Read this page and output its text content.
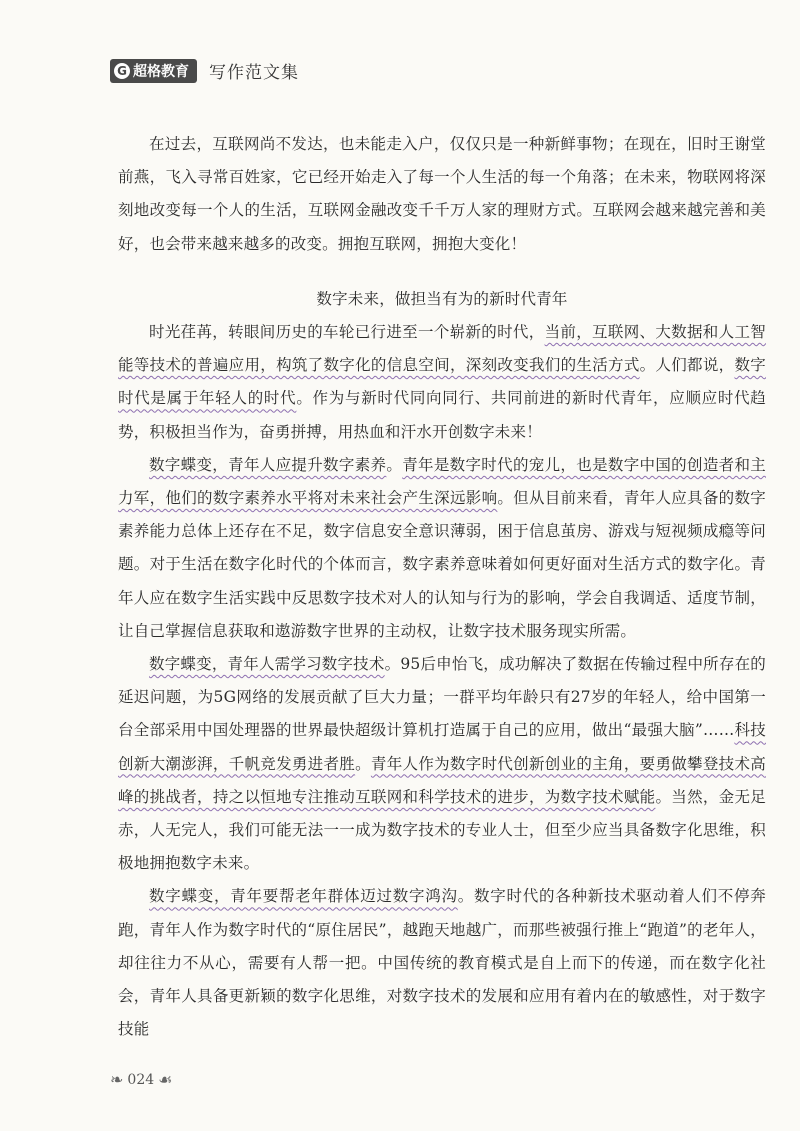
G 超格教育 写作范文集

在过去，互联网尚不发达，也未能走入户，仅仅只是一种新鲜事物；在现在，旧时王谢堂前燕，飞入寻常百姓家，它已经开始走入了每一个人生活的每一个角落；在未来，物联网将深刻地改变每一个人的生活，互联网金融改变千千万人家的理财方式。互联网会越来越完善和美好，也会带来越来越多的改变。拥抱互联网，拥抱大变化！

数字未来，做担当有为的新时代青年

时光荏苒，转眼间历史的车轮已行进至一个崭新的时代，当前，互联网、大数据和人工智能等技术的普遍应用，构筑了数字化的信息空间，深刻改变我们的生活方式。人们都说，数字时代是属于年轻人的时代。作为与新时代同向同行、共同前进的新时代青年，应顺应时代趋势，积极担当作为，奋勇拼搏，用热血和汗水开创数字未来！

数字蝶变，青年人应提升数字素养。青年是数字时代的宠儿，也是数字中国的创造者和主力军，他们的数字素养水平将对未来社会产生深远影响。但从目前来看，青年人应具备的数字素养能力总体上还存在不足，数字信息安全意识薄弱，困于信息茧房、游戏与短视频成瘾等问题。对于生活在数字化时代的个体而言，数字素养意味着如何更好面对生活方式的数字化。青年人应在数字生活实践中反思数字技术对人的认知与行为的影响，学会自我调适、适度节制，让自己掌握信息获取和遨游数字世界的主动权，让数字技术服务现实所需。

数字蝶变，青年人需学习数字技术。95后申怡飞，成功解决了数据在传输过程中所存在的延迟问题，为5G网络的发展贡献了巨大力量；一群平均年龄只有27岁的年轻人，给中国第一台全部采用中国处理器的世界最快超级计算机打造属于自己的应用，做出“最强大脑”……科技创新大潮澎湃，千帆竞发勇进者胜。青年人作为数字时代创新创业的主角，要勇做攀登技术高峰的挑战者，持之以恒地专注推动互联网和科学技术的进步，为数字技术赋能。当然，金无足赤，人无完人，我们可能无法一一成为数字技术的专业人士，但至少应当具备数字化思维，积极地拥抱数字未来。

数字蝶变，青年要帮老年群体迈过数字鸿沟。数字时代的各种新技术驱动着人们不停奔跑，青年人作为数字时代的“原住居民”，越跑天地越广，而那些被强行推上“跑道”的老年人，却往往力不从心，需要有人帮一把。中国传统的教育模式是自上而下的传递，而在数字化社会，青年人具备更新颖的数字化思维，对数字技术的发展和应用有着内在的敏感性，对于数字技能

❧ 024 ☙
